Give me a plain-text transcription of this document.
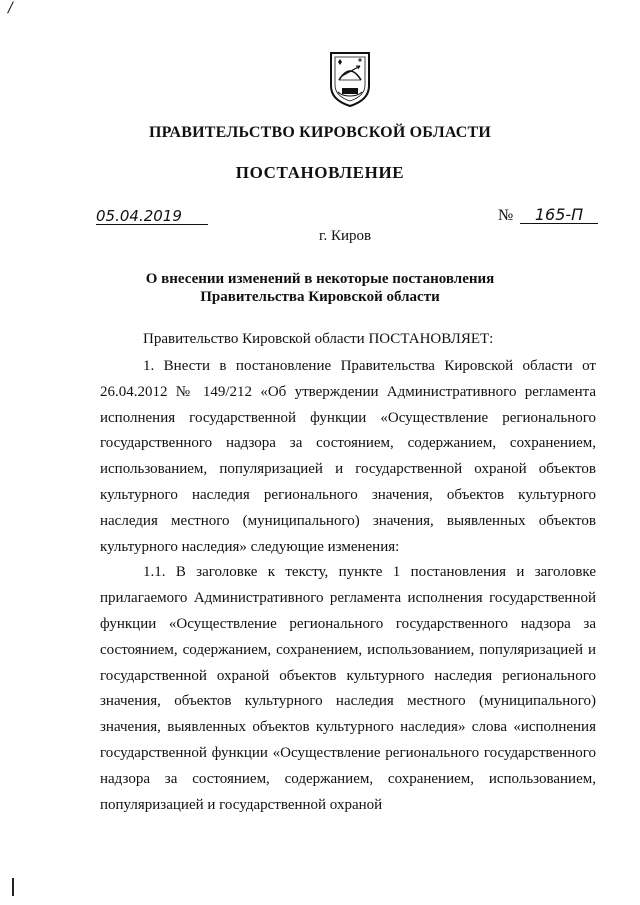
/
ПРАВИТЕЛЬСТВО КИРОВСКОЙ ОБЛАСТИ
ПОСТАНОВЛЕНИЕ
05.04.2019	№	165-П
г. Киров
О внесении изменений в некоторые постановления
Правительства Кировской области
Правительство Кировской области ПОСТАНОВЛЯЕТ:

1. Внести в постановление Правительства Кировской области от 26.04.2012 № 149/212 «Об утверждении Административного регламента исполнения государственной функции «Осуществление регионального государственного надзора за состоянием, содержанием, сохранением, использованием, популяризацией и государственной охраной объектов культурного наследия регионального значения, объектов культурного наследия местного (муниципального) значения, выявленных объектов культурного наследия» следующие изменения:

1.1. В заголовке к тексту, пункте 1 постановления и заголовке прилагаемого Административного регламента исполнения государственной функции «Осуществление регионального государственного надзора за состоянием, содержанием, сохранением, использованием, популяризацией и государственной охраной объектов культурного наследия регионального значения, объектов культурного наследия местного (муниципального) значения, выявленных объектов культурного наследия» слова «исполнения государственной функции «Осуществление регионального государственного надзора за состоянием, содержанием, сохранением, использованием, популяризацией и государственной охраной
